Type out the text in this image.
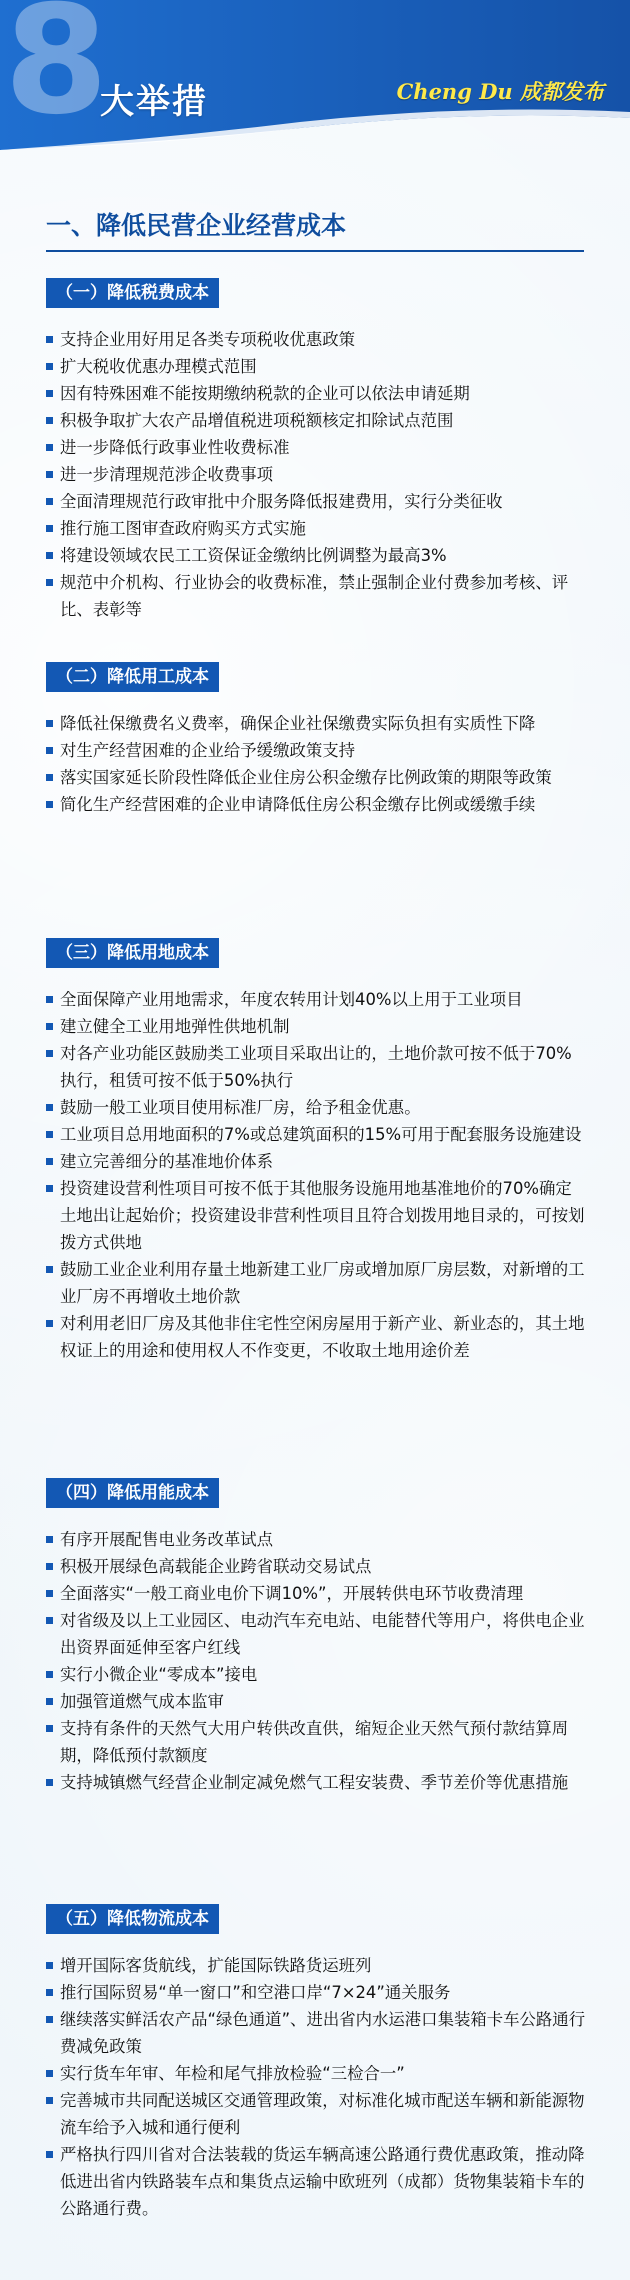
8
大举措	Cheng Du 成都发布
一、降低民营企业经营成本
（一）降低税费成本
支持企业用好用足各类专项税收优惠政策
扩大税收优惠办理模式范围
因有特殊困难不能按期缴纳税款的企业可以依法申请延期
积极争取扩大农产品增值税进项税额核定扣除试点范围
进一步降低行政事业性收费标准
进一步清理规范涉企收费事项
全面清理规范行政审批中介服务降低报建费用，实行分类征收
推行施工图审查政府购买方式实施
将建设领域农民工工资保证金缴纳比例调整为最高3%
规范中介机构、行业协会的收费标准，禁止强制企业付费参加考核、评比、表彰等
（二）降低用工成本
降低社保缴费名义费率，确保企业社保缴费实际负担有实质性下降
对生产经营困难的企业给予缓缴政策支持
落实国家延长阶段性降低企业住房公积金缴存比例政策的期限等政策
简化生产经营困难的企业申请降低住房公积金缴存比例或缓缴手续
（三）降低用地成本
全面保障产业用地需求，年度农转用计划40%以上用于工业项目
建立健全工业用地弹性供地机制
对各产业功能区鼓励类工业项目采取出让的，土地价款可按不低于70%执行，租赁可按不低于50%执行
鼓励一般工业项目使用标准厂房，给予租金优惠。
工业项目总用地面积的7%或总建筑面积的15%可用于配套服务设施建设
建立完善细分的基准地价体系
投资建设营利性项目可按不低于其他服务设施用地基准地价的70%确定土地出让起始价；投资建设非营利性项目且符合划拨用地目录的，可按划拨方式供地
鼓励工业企业利用存量土地新建工业厂房或增加原厂房层数，对新增的工业厂房不再增收土地价款
对利用老旧厂房及其他非住宅性空闲房屋用于新产业、新业态的，其土地权证上的用途和使用权人不作变更，不收取土地用途价差
（四）降低用能成本
有序开展配售电业务改革试点
积极开展绿色高载能企业跨省联动交易试点
全面落实“一般工商业电价下调10%”，开展转供电环节收费清理
对省级及以上工业园区、电动汽车充电站、电能替代等用户，将供电企业出资界面延伸至客户红线
实行小微企业“零成本”接电
加强管道燃气成本监审
支持有条件的天然气大用户转供改直供，缩短企业天然气预付款结算周期，降低预付款额度
支持城镇燃气经营企业制定减免燃气工程安装费、季节差价等优惠措施
（五）降低物流成本
增开国际客货航线，扩能国际铁路货运班列
推行国际贸易“单一窗口”和空港口岸“7×24”通关服务
继续落实鲜活农产品“绿色通道”、进出省内水运港口集装箱卡车公路通行费减免政策
实行货车年审、年检和尾气排放检验“三检合一”
完善城市共同配送城区交通管理政策，对标准化城市配送车辆和新能源物流车给予入城和通行便利
严格执行四川省对合法装载的货运车辆高速公路通行费优惠政策，推动降低进出省内铁路装车点和集货点运输中欧班列（成都）货物集装箱卡车的公路通行费。
